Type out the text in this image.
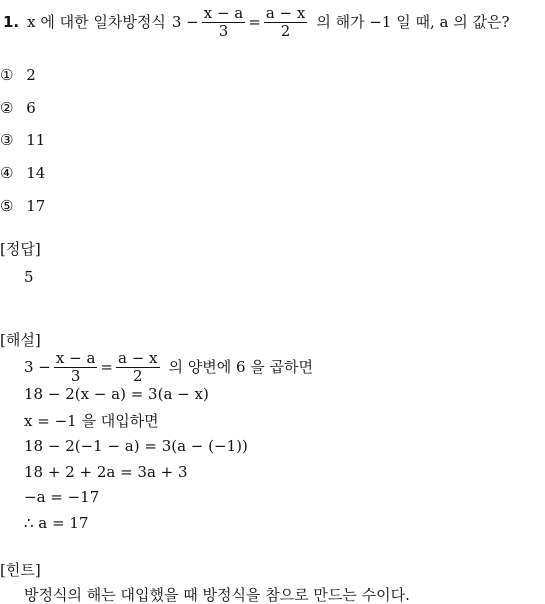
1. x 에 대한 일차방정식 $3 - \frac{x - a}{3} = \frac{a - x}{2}$ 의 해가 −1 일 때, a 의 값은?
① 2
② 6
③ 11
④ 14
⑤ 17
[정답]
5
[해설]
$3 - \frac{x - a}{3} = \frac{a - x}{2}$ 의 양변에 6 을 곱하면
18 − 2(x − a) = 3(a − x)
x = −1 을 대입하면
18 − 2(−1 − a) = 3(a − (−1))
18 + 2 + 2a = 3a + 3
−a = −17
∴ a = 17
[힌트]
방정식의 해는 대입했을 때 방정식을 참으로 만드는 수이다.
